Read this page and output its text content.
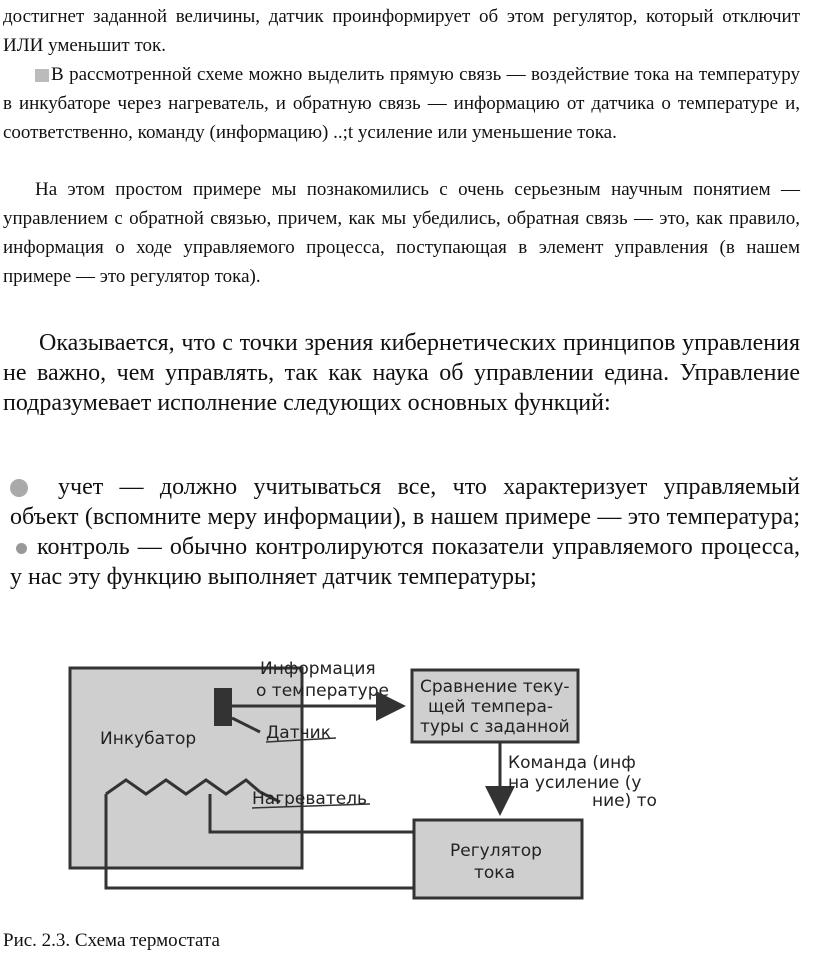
достигнет заданной величины, датчик проинформирует об этом регулятор, который отключит ИЛИ уменьшит ток.

В рассмотренной схеме можно выделить прямую связь — воздействие тока на температуру в инкубаторе через нагреватель, и обратную связь — информацию от датчика о температуре и, соответственно, команду (информацию) ..;t усиление или уменьшение тока.

На этом простом примере мы познакомились с очень серьезным научным понятием — управлением с обратной связью, причем, как мы убедились, обратная связь — это, как правило, информация о ходе управляемого процесса, поступающая в элемент управления (в нашем примере — это регулятор тока).

Оказывается, что с точки зрения кибернетических принципов управления не важно, чем управлять, так как наука об управлении едина. Управление подразумевает исполнение следующих основных функций:

учет — должно учитываться все, что характеризует управляемый объект (вспомните меру информации), в нашем примере — это температура; контроль — обычно контролируются показатели управляемого процесса, у нас эту функцию выполняет датчик температуры;

Инкубатор	Датчик
Нагреватель
Информация
о температуре Сравнение теку-
щей темпера-
туры с заданной
Команда (инф
на усиление (у
ние) то
Регулятор
тока

Рис. 2.3. Схема термостата
